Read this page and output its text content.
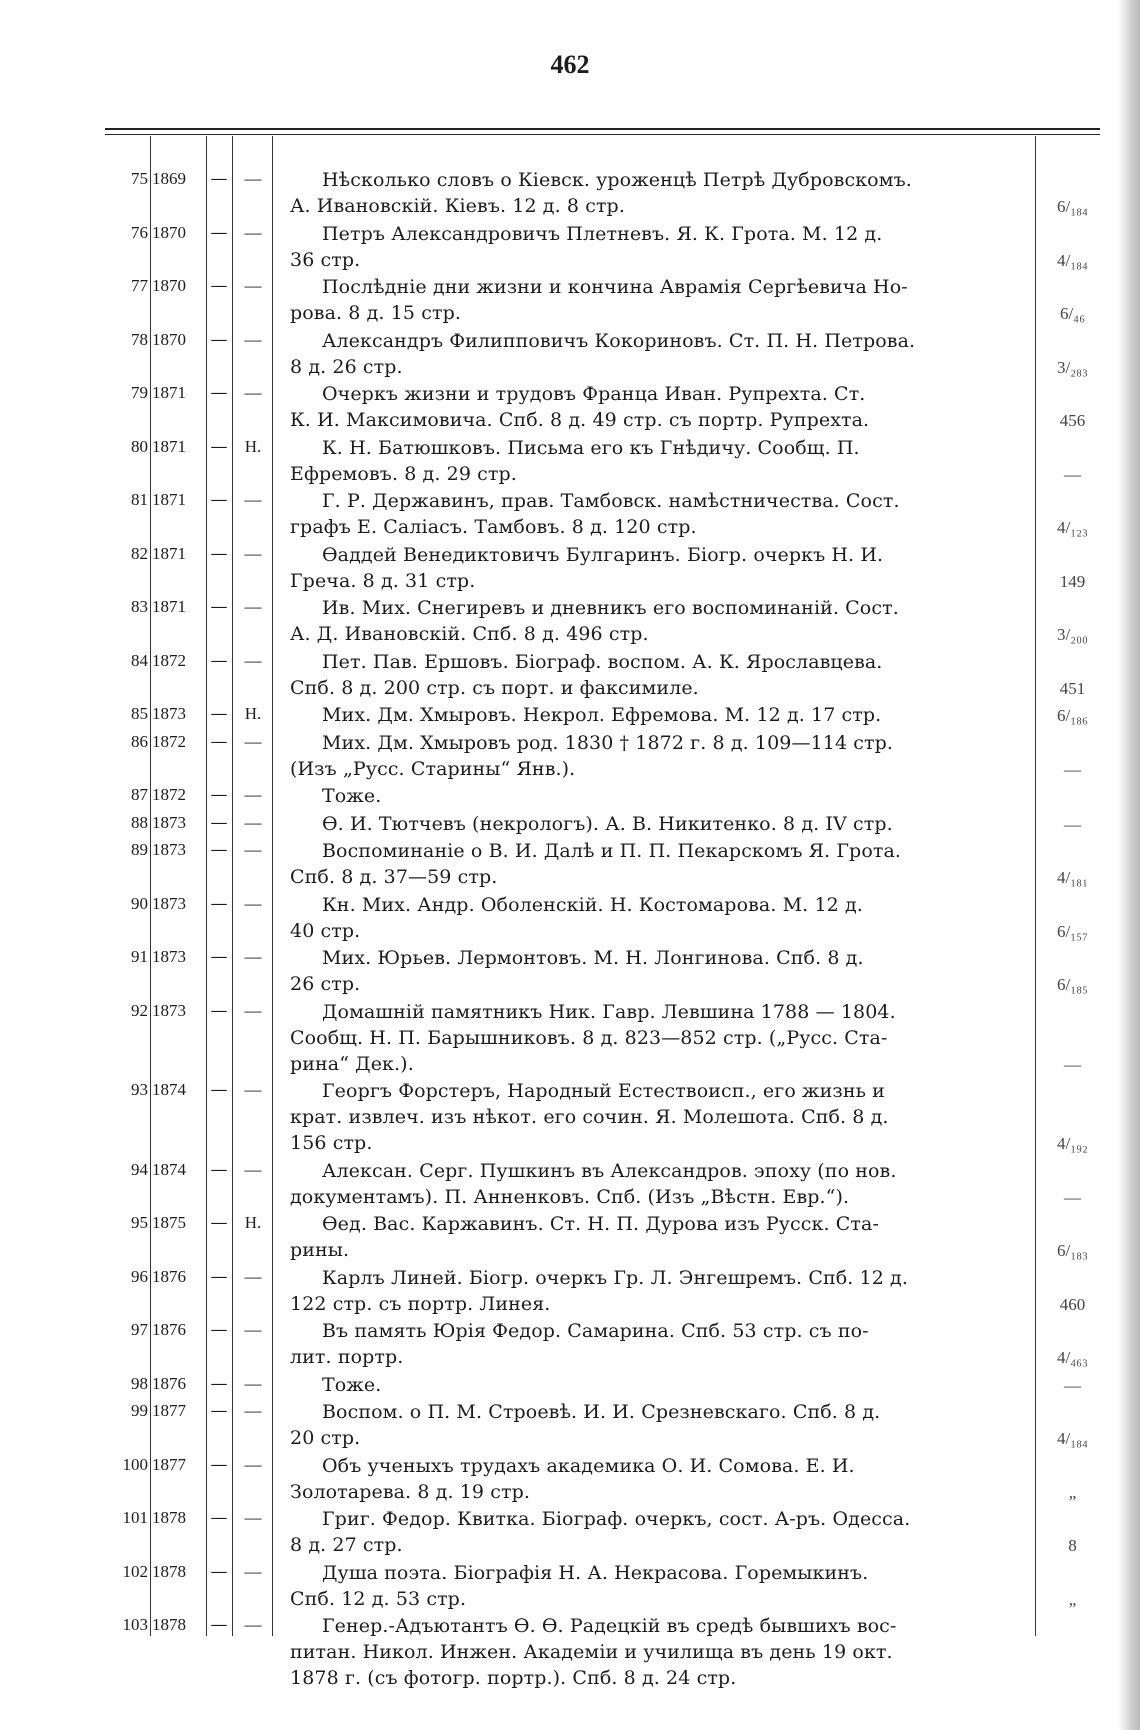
462
75 1869	—	—	Нѣсколько словъ о Кіевск. уроженцѣ Петрѣ Дубровскомъ.
А. Ивановскій. Кіевъ. 12 д. 8 стр.	6/₁₈₄
76 1870	—	—	Петръ Александровичъ Плетневъ. Я. К. Грота. М. 12 д.
36 стр.	4/₁₈₄
77 1870	—	—	Послѣдніе дни жизни и кончина Аврамія Сергѣевича Но-
рова. 8 д. 15 стр.	6/₄₆
78 1870	—	—	Александръ Филипповичъ Кокориновъ. Ст. П. Н. Петрова.
8 д. 26 стр.	3/₂₈₃
79 1871	—	—	Очеркъ жизни и трудовъ Франца Иван. Рупрехта. Ст.
К. И. Максимовича. Спб. 8 д. 49 стр. съ портр. Рупрехта.	456
80 1871	—	Н.	К. Н. Батюшковъ. Письма его къ Гнѣдичу. Сообщ. П.
Ефремовъ. 8 д. 29 стр.	—
81 1871	—	—	Г. Р. Державинъ, прав. Тамбовск. намѣстничества. Сост.
графъ Е. Саліасъ. Тамбовъ. 8 д. 120 стр.	4/₁₂₃
82 1871	—	—	Ѳаддей Венедиктовичъ Булгаринъ. Біогр. очеркъ Н. И.
Греча. 8 д. 31 стр.	149
83 1871	—	—	Ив. Мих. Снегиревъ и дневникъ его воспоминаній. Сост.
А. Д. Ивановскій. Спб. 8 д. 496 стр.	3/₂₀₀
84 1872	—	—	Пет. Пав. Ершовъ. Біограф. воспом. А. К. Ярославцева.
Спб. 8 д. 200 стр. съ порт. и факсимиле.	451
85 1873	—	Н.	Мих. Дм. Хмыровъ. Некрол. Ефремова. М. 12 д. 17 стр.	6/₁₈₆
86 1872	—	—	Мих. Дм. Хмыровъ род. 1830 † 1872 г. 8 д. 109—114 стр.
(Изъ „Русс. Старины“ Янв.).	—
87 1872	—	—	Тоже.
88 1873	—	—	Ѳ. И. Тютчевъ (некрологъ). А. В. Никитенко. 8 д. IV стр.	—
89 1873	—	—	Воспоминаніе о В. И. Далѣ и П. П. Пекарскомъ Я. Грота.
Спб. 8 д. 37—59 стр.	4/₁₈₁
90 1873	—	—	Кн. Мих. Андр. Оболенскій. Н. Костомарова. М. 12 д.
40 стр.	6/₁₅₇
91 1873	—	—	Мих. Юрьев. Лермонтовъ. М. Н. Лонгинова. Спб. 8 д.
26 стр.	6/₁₈₅
92 1873	—	—	Домашній памятникъ Ник. Гавр. Левшина 1788 — 1804.
Сообщ. Н. П. Барышниковъ. 8 д. 823—852 стр. („Русс. Ста-
рина“ Дек.).	—
93 1874	—	—	Георгъ Форстеръ, Народный Естествоисп., его жизнь и
крат. извлеч. изъ нѣкот. его сочин. Я. Молешота. Спб. 8 д.
156 стр.	4/₁₉₂
94 1874	—	—	Алексан. Серг. Пушкинъ въ Александров. эпоху (по нов.
документамъ). П. Анненковъ. Спб. (Изъ „Вѣстн. Евр.“).	—
95 1875	—	Н.	Ѳед. Вас. Каржавинъ. Ст. Н. П. Дурова изъ Русск. Ста-
рины.	6/₁₈₃
96 1876	—	—	Карлъ Линей. Біогр. очеркъ Гр. Л. Энгешремъ. Спб. 12 д.
122 стр. съ портр. Линея.	460
97 1876	—	—	Въ память Юрія Федор. Самарина. Спб. 53 стр. съ по-
лит. портр.	4/₄₆₃
98 1876	—	—	Тоже.	—
99 1877	—	—	Воспом. о П. М. Строевѣ. И. И. Срезневскаго. Спб. 8 д.
20 стр.	4/₁₈₄
100 1877	—	—	Объ ученыхъ трудахъ академика О. И. Сомова. Е. И.
Золотарева. 8 д. 19 стр.	„
101 1878	—	—	Григ. Федор. Квитка. Біограф. очеркъ, сост. А-ръ. Одесса.
8 д. 27 стр.	8
102 1878	—	—	Душа поэта. Біографія Н. А. Некрасова. Горемыкинъ.
Спб. 12 д. 53 стр.	„
103 1878	—	—	Генер.-Адъютантъ Ѳ. Ѳ. Радецкій въ средѣ бывшихъ вос-
питан. Никол. Инжен. Академіи и училища въ день 19 окт.
1878 г. (съ фотогр. портр.). Спб. 8 д. 24 стр.
